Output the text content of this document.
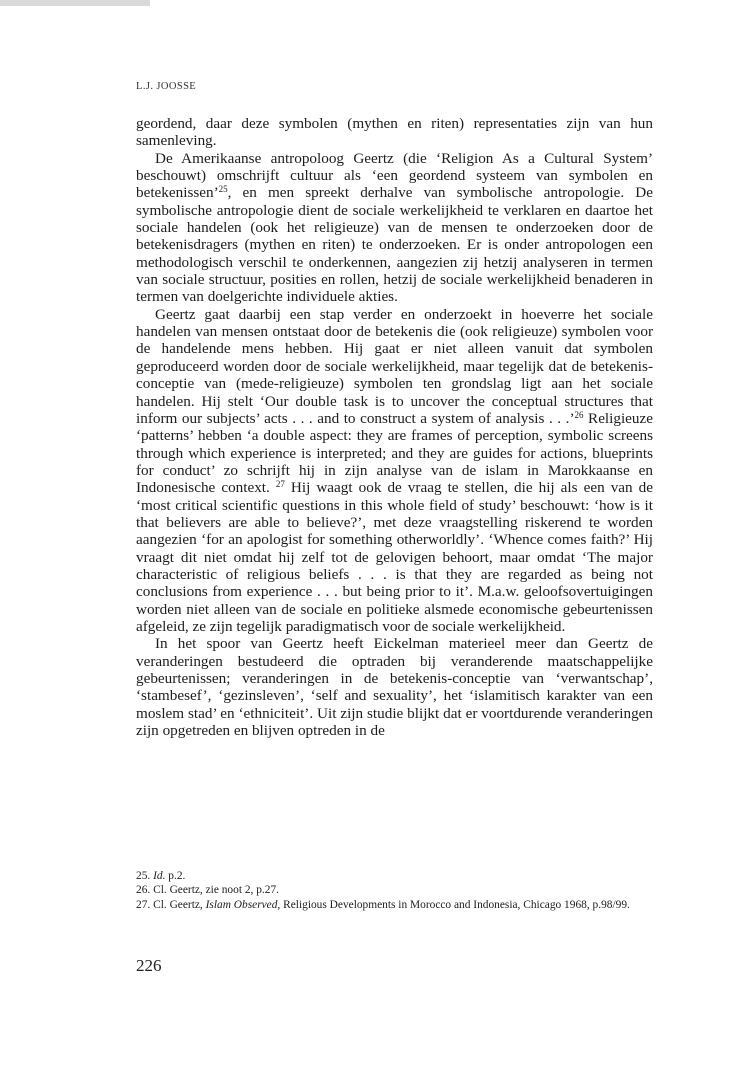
L.J. JOOSSE

geordend, daar deze symbolen (mythen en riten) representaties zijn van hun samenleving.

De Amerikaanse antropoloog Geertz (die ‘Religion As a Cultural System’ beschouwt) omschrijft cultuur als ‘een geordend systeem van symbolen en betekenissen’$^{25}$, en men spreekt derhalve van symbolische antropologie. De symbolische antropologie dient de sociale werkelijkheid te verklaren en daartoe het sociale handelen (ook het religieuze) van de mensen te onderzoeken door de betekenisdragers (mythen en riten) te onderzoeken. Er is onder antropologen een methodologisch verschil te onderkennen, aangezien zij hetzij analyseren in termen van sociale structuur, posities en rollen, hetzij de sociale werkelijkheid benaderen in termen van doelgerichte individuele akties.

Geertz gaat daarbij een stap verder en onderzoekt in hoeverre het sociale handelen van mensen ontstaat door de betekenis die (ook religieuze) symbolen voor de handelende mens hebben. Hij gaat er niet alleen vanuit dat symbolen geproduceerd worden door de sociale werkelijkheid, maar tegelijk dat de betekenis-conceptie van (mede-religieuze) symbolen ten grondslag ligt aan het sociale handelen. Hij stelt ‘Our double task is to uncover the conceptual structures that inform our subjects’ acts . . . and to construct a system of analysis . . .’$^{26}$ Religieuze ‘patterns’ hebben ‘a double aspect: they are frames of perception, symbolic screens through which experience is interpreted; and they are guides for actions, blueprints for conduct’ zo schrijft hij in zijn analyse van de islam in Marokkaanse en Indonesische context. $^{27}$ Hij waagt ook de vraag te stellen, die hij als een van de ‘most critical scientific questions in this whole field of study’ beschouwt: ‘how is it that believers are able to believe?’, met deze vraagstelling riskerend te worden aangezien ‘for an apologist for something otherworldly’. ‘Whence comes faith?’ Hij vraagt dit niet omdat hij zelf tot de gelovigen behoort, maar omdat ‘The major characteristic of religious beliefs . . . is that they are regarded as being not conclusions from experience . . . but being prior to it’. M.a.w. geloofsovertuigingen worden niet alleen van de sociale en politieke alsmede economische gebeurtenissen afgeleid, ze zijn tegelijk paradigmatisch voor de sociale werkelijkheid.

In het spoor van Geertz heeft Eickelman materieel meer dan Geertz de veranderingen bestudeerd die optraden bij veranderende maatschappelijke gebeurtenissen; veranderingen in de betekenis-conceptie van ‘verwantschap’, ‘stambesef’, ‘gezinsleven’, ‘self and sexuality’, het ‘islamitisch karakter van een moslem stad’ en ‘ethniciteit’. Uit zijn studie blijkt dat er voortdurende veranderingen zijn opgetreden en blijven optreden in de

25. Id. p.2.

26. Cl. Geertz, zie noot 2, p.27.

27. Cl. Geertz, Islam Observed, Religious Developments in Morocco and Indonesia, Chicago 1968, p.98/99.

226
